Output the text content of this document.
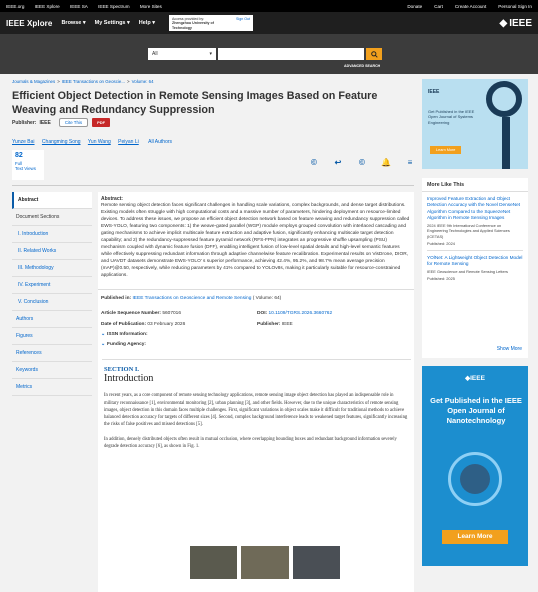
IEEE.org IEEE Xplore IEEE SA IEEE Spectrum More Sites	Donate	Cart	Create Account	Personal Sign In
IEEE Xplore Browse ▾ My Settings ▾ Help ▾
Access provided by:
Zhengzhou University of Technology
Sign Out	◆ IEEE
All	▾
ADVANCED SEARCH
Journals & Magazines > IEEE Transactions on Geoscie... > Volume: 64
Efficient Object Detection in Remote Sensing Images Based on Feature Weaving and Redundancy Suppression
Publisher: IEEE	Cite This	PDF
Yunze Bai Changming Song Yun Wang Peiyan Li All Authors
82
Full
Text Views
©	↩	©	🔔	≡
Abstract
Document Sections
I. Introduction
II. Related Works
III. Methodology
IV. Experiment
V. Conclusion
Authors
Figures
References
Keywords
Metrics
Abstract:
Remote sensing object detection faces significant challenges in handling scale variations, complex backgrounds, and dense target distributions. Existing models often struggle with high computational costs and a massive number of parameters, hindering deployment on resource-limited devices. To address these issues, we propose an efficient object detection network based on feature weaving and redundancy suppression called EWS-YOLO, featuring two components: 1) the weave-gated parallel (WGP) module employs grouped convolution with interlaced cascading and gating mechanisms to achieve implicit multiscale feature extraction and adaptive fusion, significantly enhancing multiscale target detection capability; and 2) the redundancy-suppressed feature pyramid network (RFS-FPN) integrates an progressive shuffle upsampling (PSU) mechanism coupled with dynamic feature fusion (DFF), enabling intelligent fusion of low-level spatial details and high-level semantic features while effectively suppressing redundant information through adaptive channelwise feature recalibration. Experimental results on VisDrone, DIOR, and UAVDT datasets demonstrate EWS-YOLO’ s superior performance, achieving 42.4%, 95.2%, and 98.7% mean average precision (mAP)@0.50, respectively, while reducing parameters by 41% compared to YOLOv8s, making it particularly suitable for resource-constrained applications.
Published in: IEEE Transactions on Geoscience and Remote Sensing ( Volume: 64)
Article Sequence Number: 5607016	DOI: 10.1109/TGRS.2026.3660762
Date of Publication: 03 February 2026	Publisher: IEEE
⌄ ISSN Information:
⌄ Funding Agency:
SECTION I.
Introduction

In recent years, as a core component of remote sensing technology applications, remote sensing image object detection has played an indispensable role in military reconnaissance [1], environmental monitoring [2], urban planning [3], and other fields. However, due to the unique characteristics of remote sensing images, object detection in this domain faces multiple challenges. First, significant variations in object scales make it difficult for traditional methods to achieve balanced detection accuracy for targets of different sizes [4]. Second, complex background interference leads to weakened target features, significantly increasing the risks of false positives and missed detections [5].

In addition, densely distributed objects often result in mutual occlusion, where overlapping bounding boxes and redundant background information severely degrade detection accuracy [6], as shown in Fig. 1.

IEEE
Get Published in the IEEE Open Journal of Systems Engineering
Learn More
More Like This
Improved Feature Extraction and Object Detection Accuracy with the Novel DenseNet Algorithm Compared to the SqueezeNet Algorithm in Remote Sensing Images
2024 IEEE 9th International Conference on Engineering Technologies and Applied Sciences (ICETAS)
Published: 2024
YOlNet: A Lightweight Object Detection Model for Remote Sensing
IEEE Geoscience and Remote Sensing Letters
Published: 2025
Show More
◆IEEE
Get Published in the IEEE Open Journal of Nanotechnology
Learn More
